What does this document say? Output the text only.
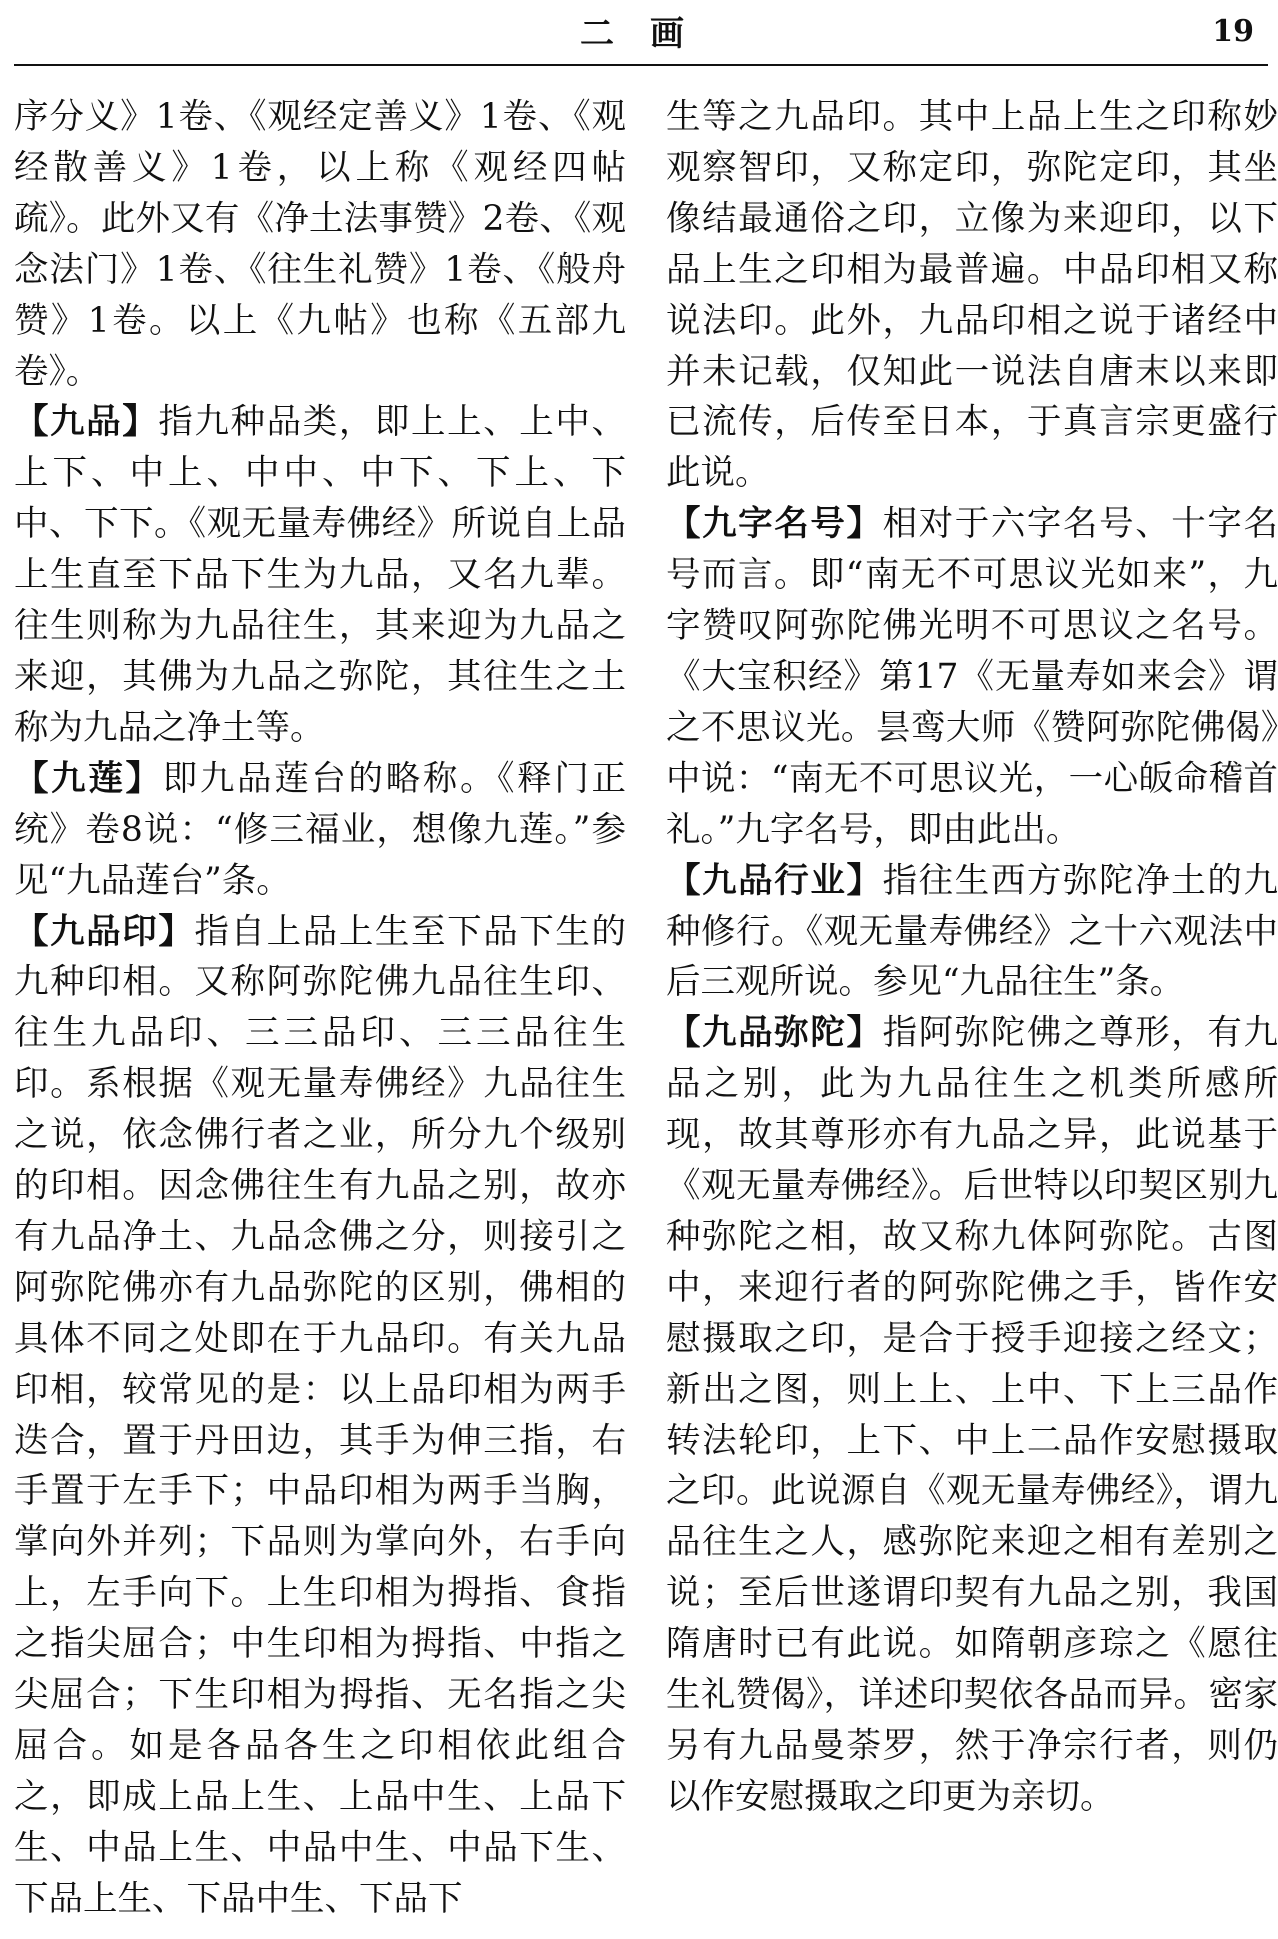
二画	19

序分义》1卷、《观经定善义》1卷、《观经散善义》1卷，以上称《观经四帖疏》。此外又有《净土法事赞》2卷、《观念法门》1卷、《往生礼赞》1卷、《般舟赞》1卷。以上《九帖》也称《五部九卷》。

【九品】指九种品类，即上上、上中、上下、中上、中中、中下、下上、下中、下下。《观无量寿佛经》所说自上品上生直至下品下生为九品，又名九辈。往生则称为九品往生，其来迎为九品之来迎，其佛为九品之弥陀，其往生之土称为九品之净土等。

【九莲】即九品莲台的略称。《释门正统》卷8说：“修三福业，想像九莲。”参见“九品莲台”条。

【九品印】指自上品上生至下品下生的九种印相。又称阿弥陀佛九品往生印、往生九品印、三三品印、三三品往生印。系根据《观无量寿佛经》九品往生之说，依念佛行者之业，所分九个级别的印相。因念佛往生有九品之别，故亦有九品净土、九品念佛之分，则接引之阿弥陀佛亦有九品弥陀的区别，佛相的具体不同之处即在于九品印。有关九品印相，较常见的是：以上品印相为两手迭合，置于丹田边，其手为伸三指，右手置于左手下；中品印相为两手当胸，掌向外并列；下品则为掌向外，右手向上，左手向下。上生印相为拇指、食指之指尖屈合；中生印相为拇指、中指之尖屈合；下生印相为拇指、无名指之尖屈合。如是各品各生之印相依此组合之，即成上品上生、上品中生、上品下生、中品上生、中品中生、中品下生、下品上生、下品中生、下品下

生等之九品印。其中上品上生之印称妙观察智印，又称定印，弥陀定印，其坐像结最通俗之印，立像为来迎印，以下品上生之印相为最普遍。中品印相又称说法印。此外，九品印相之说于诸经中并未记载，仅知此一说法自唐末以来即已流传，后传至日本，于真言宗更盛行此说。

【九字名号】相对于六字名号、十字名号而言。即“南无不可思议光如来”，九字赞叹阿弥陀佛光明不可思议之名号。《大宝积经》第17《无量寿如来会》谓之不思议光。昙鸾大师《赞阿弥陀佛偈》中说：“南无不可思议光，一心皈命稽首礼。”九字名号，即由此出。

【九品行业】指往生西方弥陀净土的九种修行。《观无量寿佛经》之十六观法中后三观所说。参见“九品往生”条。

【九品弥陀】指阿弥陀佛之尊形，有九品之别，此为九品往生之机类所感所现，故其尊形亦有九品之异，此说基于《观无量寿佛经》。后世特以印契区别九种弥陀之相，故又称九体阿弥陀。古图中，来迎行者的阿弥陀佛之手，皆作安慰摄取之印，是合于授手迎接之经文；新出之图，则上上、上中、下上三品作转法轮印，上下、中上二品作安慰摄取之印。此说源自《观无量寿佛经》，谓九品往生之人，感弥陀来迎之相有差别之说；至后世遂谓印契有九品之别，我国隋唐时已有此说。如隋朝彦琮之《愿往生礼赞偈》，详述印契依各品而异。密家另有九品曼荼罗，然于净宗行者，则仍以作安慰摄取之印更为亲切。
